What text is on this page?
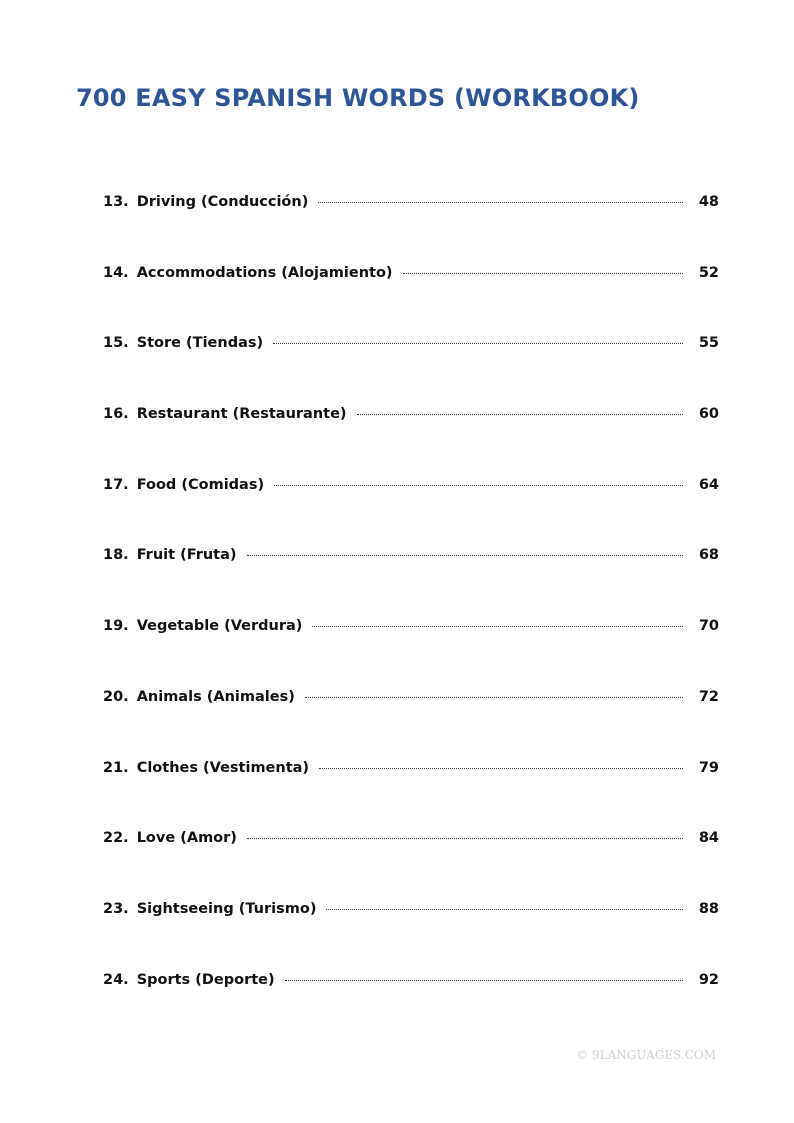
700 EASY SPANISH WORDS (WORKBOOK)
13. Driving (Conducción)	48
14. Accommodations (Alojamiento)	52
15. Store (Tiendas)	55
16. Restaurant (Restaurante)	60
17. Food (Comidas)	64
18. Fruit (Fruta)	68
19. Vegetable (Verdura)	70
20. Animals (Animales)	72
21. Clothes (Vestimenta)	79
22. Love (Amor)	84
23. Sightseeing (Turismo)	88
24. Sports (Deporte)	92
© 9LANGUAGES.COM
